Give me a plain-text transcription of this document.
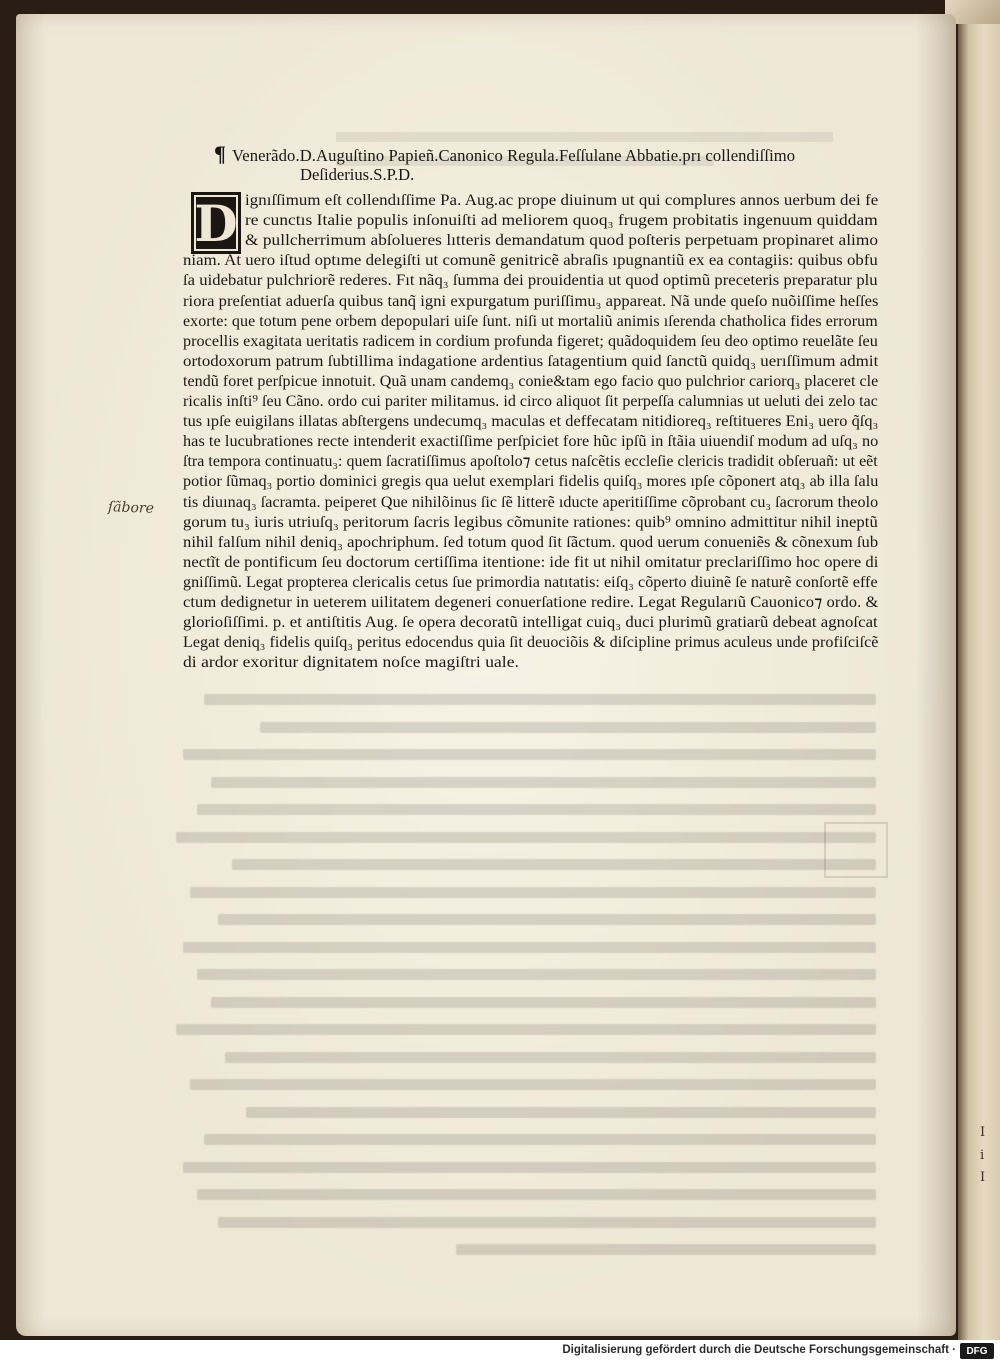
I
i
I
¶ Venerãdo.D.Auguſtino Papieñ.Canonico Regula.Feſſulane Abbatie.prı collendiſſimo
Deſiderius.S.P.D.
D ignıſſimum eſt collendıſſime Pa. Aug.ac prope diuinum ut qui complures annos uerbum dei fe
re cunctıs Italie populis inſonuiſti ad meliorem quoq₃ frugem probitatis ingenuum quiddam
& pullcherrimum abſolueres lıtteris demandatum quod poſteris perpetuam propinaret alimo
niam. At uero iſtud optıme delegiſti ut comunẽ genitricẽ abraſis ıpugnantiũ ex ea contagiis: quibus obfu
ſa uidebatur pulchriorẽ rederes. Fıt nãq₃ ſumma dei prouidentia ut quod optimũ preceteris preparatur plu
riora preſentiat aduerſa quibus tanq̃ igni expurgatum puriſſimu₃ appareat. Nã unde queſo nuõiſſime heſſes
exorte: que totum pene orbem depopulari uiſe ſunt. niſi ut mortaliũ animis ıſerenda chatholica fides errorum
procellis exagitata ueritatis radicem in cordium profunda figeret; quãdoquidem ſeu deo optimo reuelãte ſeu
ortodoxorum patrum ſubtillima indagatione ardentius ſatagentium quid ſanctũ quidq₃ uerıſſimum admit
tendũ foret perſpicue innotuit. Quã unam candemq₃ conie&tam ego facio quo pulchrior cariorq₃ placeret cle
ricalis inſti⁹ ſeu Cãno. ordo cui pariter militamus. id circo aliquot ſit perpeſſa calumnias ut ueluti dei zelo tac
tus ıpſe euigilans illatas abſtergens undecumq₃ maculas et deffecatam nitidioreq₃ reſtitueres Eni₃ uero q̃ſq₃
has te lucubrationes recte intenderit exactiſſime perſpiciet fore hũc ipſũ in ſtãia uiuendiſ modum ad uſq₃ no
ſtra tempora continuatu₃: quem ſacratiſſimus apoſtolo⁊ cetus naſcẽtis eccleſie clericis tradidit obſeruañ: ut eẽt
potior ſũmaq₃ portio dominici gregis qua uelut exemplari fidelis quiſq₃ mores ıpſe cõponert atq₃ ab illa ſalu
tis diuınaq₃ ſacramta. peiperet Que nihilõinus ſic ſẽ litterẽ ıducte aperitiſſime cõprobant cu₃ ſacrorum theolo
gorum tu₃ iuris utriuſq₃ peritorum ſacris legibus cõmunite rationes: quib⁹ omnino admittitur nihil ineptũ
nihil falſum nihil deniq₃ apochriphum. ſed totum quod ſit ſãctum. quod uerum conueniẽs & cõnexum ſub
nectĩt de pontificum ſeu doctorum certiſſima itentione: ide fit ut nihil omitatur preclariſſimo hoc opere di
gniſſimũ. Legat propterea clericalis cetus ſue primordia natıtatis: eiſq₃ cõperto diuinẽ ſe naturẽ conſortẽ effe
ctum dedignetur in ueterem uilitatem degeneri conuerſatione redire. Legat Regularıũ Cauonico⁊ ordo. &
glorioſiſſimi. p. et antiſtitis Aug. ſe opera decoratũ intelligat cuiq₃ duci plurimũ gratiarũ debeat agnoſcat
Legat deniq₃ fidelis quiſq₃ peritus edocendus quia ſit deuociõis & diſcipline primus aculeus unde profiſciſcẽ
di ardor exoritur dignitatem noſce magiſtri uale.
ſãbore
Digitalisierung gefördert durch die Deutsche Forschungsgemeinschaft ·	DFG
